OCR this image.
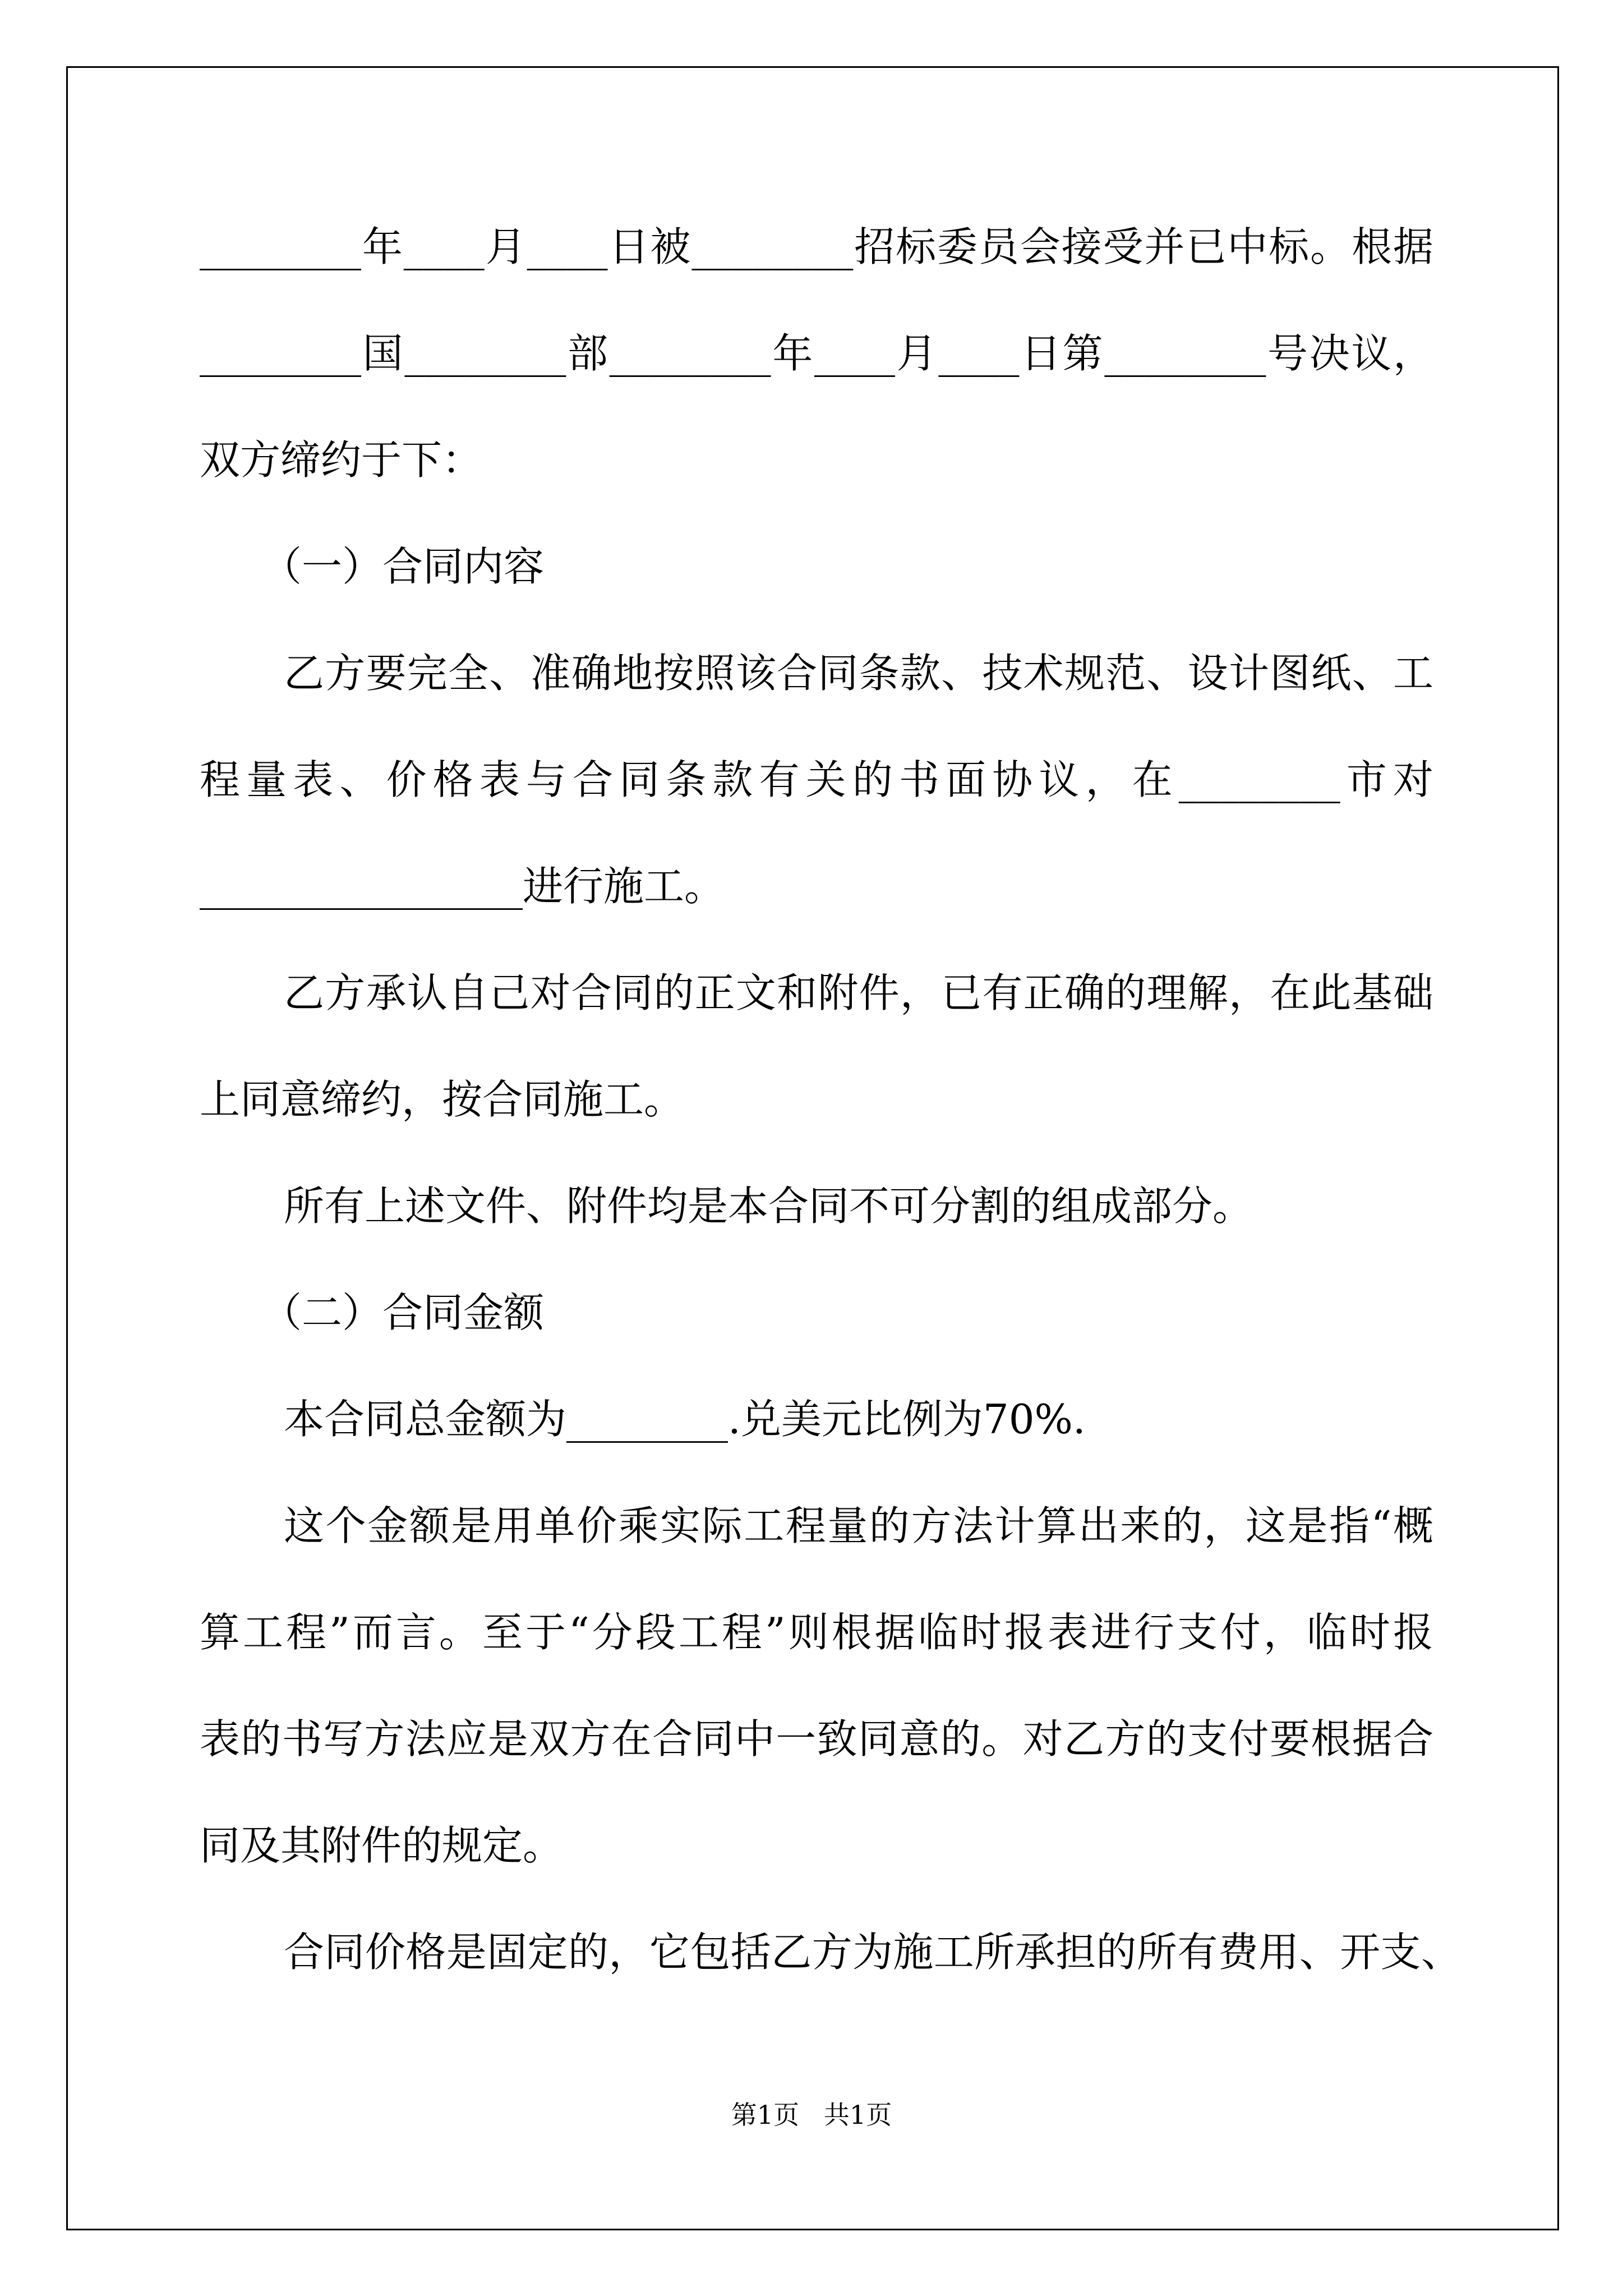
________年____月____日被________招标委员会接受并已中标。根据
________国________部________年____月____日第________号决议，
双方缔约于下：
（一）合同内容
乙方要完全、准确地按照该合同条款、技术规范、设计图纸、工
程量表、价格表与合同条款有关的书面协议，在________市对
________________进行施工。
乙方承认自己对合同的正文和附件，已有正确的理解，在此基础
上同意缔约，按合同施工。
所有上述文件、附件均是本合同不可分割的组成部分。
（二）合同金额
本合同总金额为________.兑美元比例为70%.
这个金额是用单价乘实际工程量的方法计算出来的，这是指“概
算工程”而言。至于“分段工程”则根据临时报表进行支付，临时报
表的书写方法应是双方在合同中一致同意的。对乙方的支付要根据合
同及其附件的规定。
合同价格是固定的，它包括乙方为施工所承担的所有费用、开支、
第1页   共1页
